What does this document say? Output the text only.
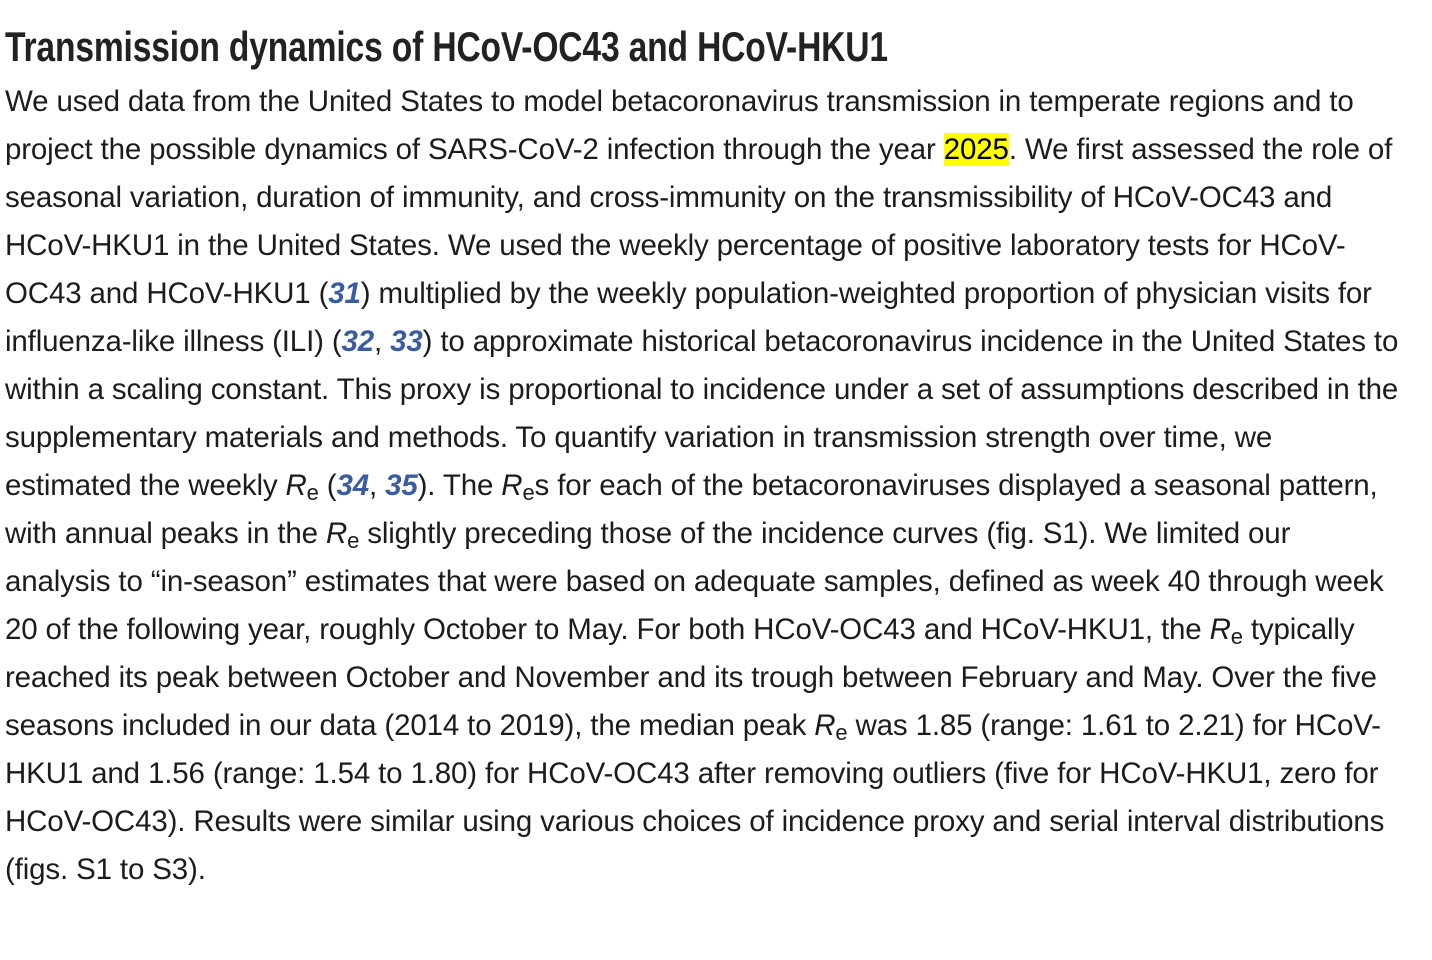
Transmission dynamics of HCoV-OC43 and HCoV-HKU1

We used data from the United States to model betacoronavirus transmission in temperate regions and to project the possible dynamics of SARS-CoV-2 infection through the year 2025. We first assessed the role of seasonal variation, duration of immunity, and cross-immunity on the transmissibility of HCoV-OC43 and HCoV-HKU1 in the United States. We used the weekly percentage of positive laboratory tests for HCoV-OC43 and HCoV-HKU1 (31) multiplied by the weekly population-weighted proportion of physician visits for influenza-like illness (ILI) (32, 33) to approximate historical betacoronavirus incidence in the United States to within a scaling constant. This proxy is proportional to incidence under a set of assumptions described in the supplementary materials and methods. To quantify variation in transmission strength over time, we estimated the weekly $R_e$ (34, 35). The $R_es$ for each of the betacoronaviruses displayed a seasonal pattern, with annual peaks in the $R_e$ slightly preceding those of the incidence curves (fig. S1). We limited our analysis to “in-season” estimates that were based on adequate samples, defined as week 40 through week 20 of the following year, roughly October to May. For both HCoV-OC43 and HCoV-HKU1, the $R_e$ typically reached its peak between October and November and its trough between February and May. Over the five seasons included in our data (2014 to 2019), the median peak $R_e$ was 1.85 (range: 1.61 to 2.21) for HCoV-HKU1 and 1.56 (range: 1.54 to 1.80) for HCoV-OC43 after removing outliers (five for HCoV-HKU1, zero for HCoV-OC43). Results were similar using various choices of incidence proxy and serial interval distributions (figs. S1 to S3).
